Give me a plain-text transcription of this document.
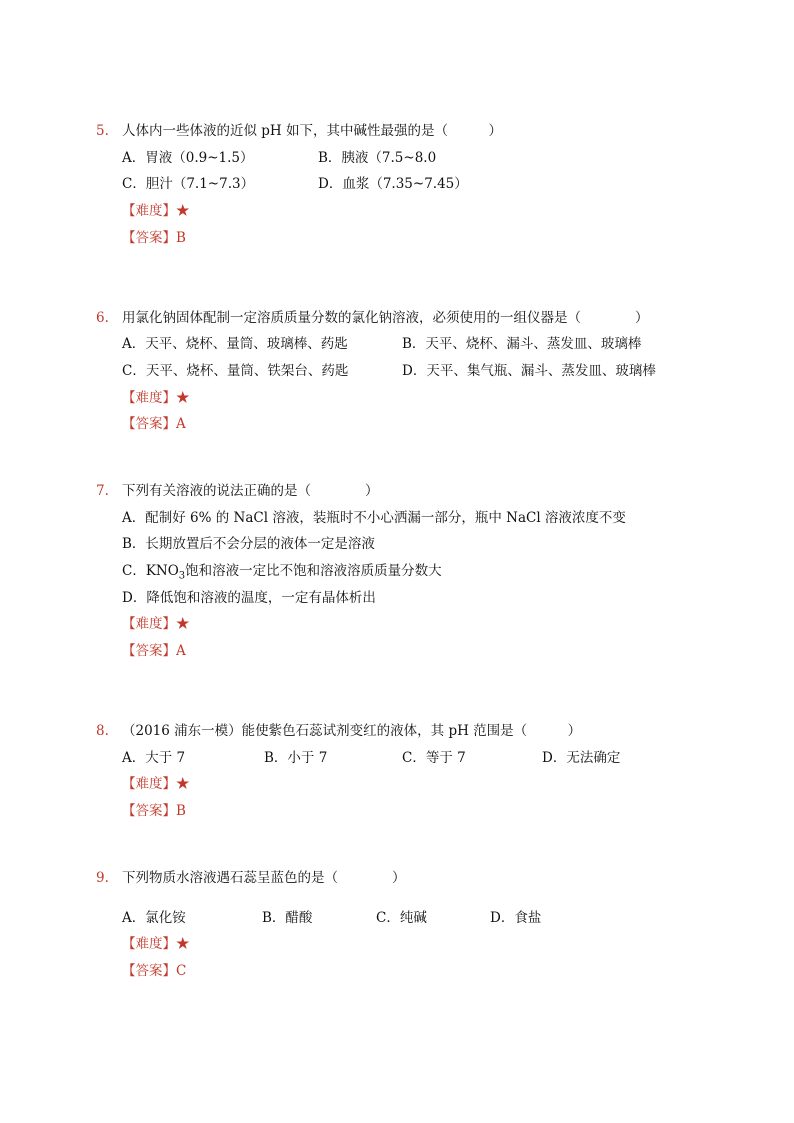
5. 人体内一些体液的近似 pH 如下，其中碱性最强的是（　　　）
A．胃液（0.9~1.5）	B．胰液（7.5~8.0
C．胆汁（7.1~7.3）	D．血浆（7.35~7.45）
【难度】★
【答案】B
6. 用氯化钠固体配制一定溶质质量分数的氯化钠溶液，必须使用的一组仪器是（　　　　）
A．天平、烧杯、量筒、玻璃棒、药匙	B．天平、烧杯、漏斗、蒸发皿、玻璃棒
C．天平、烧杯、量筒、铁架台、药匙	D．天平、集气瓶、漏斗、蒸发皿、玻璃棒
【难度】★
【答案】A
7. 下列有关溶液的说法正确的是（　　　　）
A．配制好 6% 的 NaCl 溶液，装瓶时不小心洒漏一部分，瓶中 NaCl 溶液浓度不变
B．长期放置后不会分层的液体一定是溶液
C．$KNO_3$饱和溶液一定比不饱和溶液溶质质量分数大
D．降低饱和溶液的温度，一定有晶体析出
【难度】★
【答案】A
8. （2016 浦东一模）能使紫色石蕊试剂变红的液体，其 pH 范围是（　　　）
A．大于 7	B．小于 7	C．等于 7	D．无法确定
【难度】★
【答案】B
9. 下列物质水溶液遇石蕊呈蓝色的是（　　　　）
A．氯化铵	B．醋酸	C．纯碱	D．食盐
【难度】★
【答案】C
